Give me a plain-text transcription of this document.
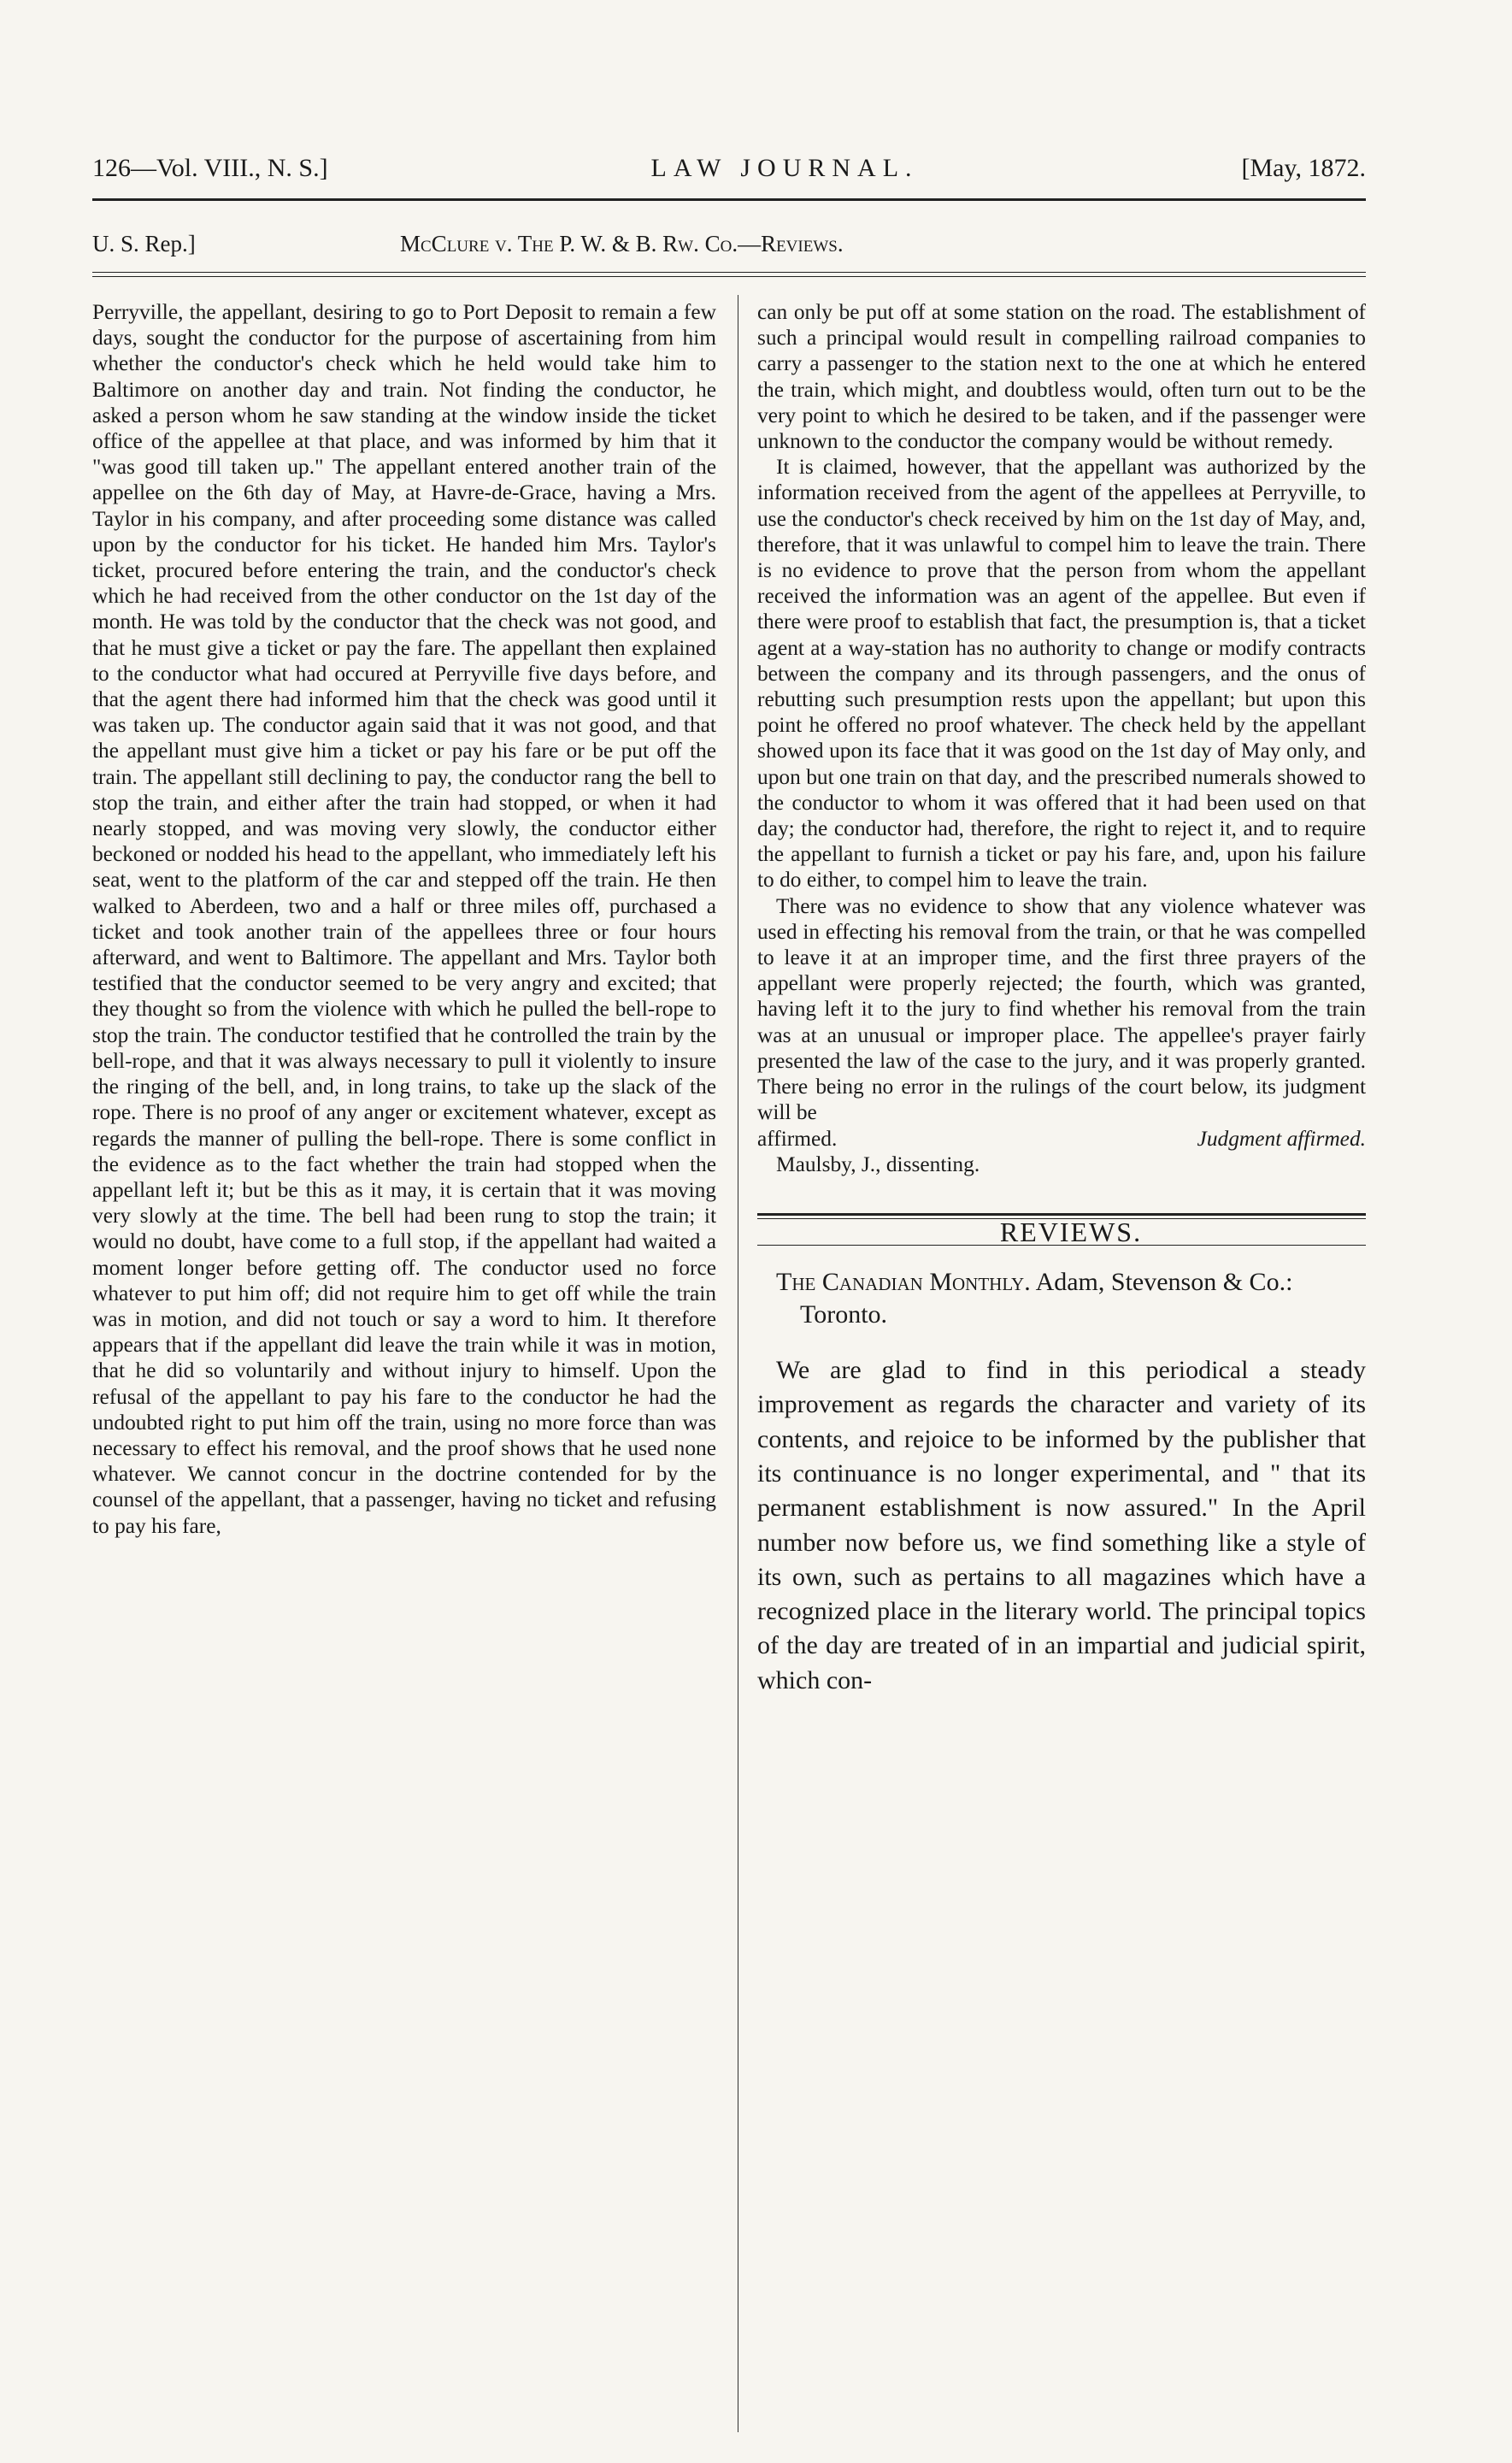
126—Vol. VIII., N. S.]	LAW JOURNAL.	[May, 1872.
U. S. Rep.]	McClure v. The P. W. & B. Rw. Co.—Reviews.

Perryville, the appellant, desiring to go to Port Deposit to remain a few days, sought the conductor for the purpose of ascertaining from him whether the conductor's check which he held would take him to Baltimore on another day and train. Not finding the conductor, he asked a person whom he saw standing at the window inside the ticket office of the appellee at that place, and was informed by him that it "was good till taken up." The appellant entered another train of the appellee on the 6th day of May, at Havre-de-Grace, having a Mrs. Taylor in his company, and after proceeding some distance was called upon by the conductor for his ticket. He handed him Mrs. Taylor's ticket, procured before entering the train, and the conductor's check which he had received from the other conductor on the 1st day of the month. He was told by the conductor that the check was not good, and that he must give a ticket or pay the fare. The appellant then explained to the conductor what had occured at Perryville five days before, and that the agent there had informed him that the check was good until it was taken up. The conductor again said that it was not good, and that the appellant must give him a ticket or pay his fare or be put off the train. The appellant still declining to pay, the conductor rang the bell to stop the train, and either after the train had stopped, or when it had nearly stopped, and was moving very slowly, the conductor either beckoned or nodded his head to the appellant, who immediately left his seat, went to the platform of the car and stepped off the train. He then walked to Aberdeen, two and a half or three miles off, purchased a ticket and took another train of the appellees three or four hours afterward, and went to Baltimore. The appellant and Mrs. Taylor both testified that the conductor seemed to be very angry and excited; that they thought so from the violence with which he pulled the bell-rope to stop the train. The conductor testified that he controlled the train by the bell-rope, and that it was always necessary to pull it violently to insure the ringing of the bell, and, in long trains, to take up the slack of the rope. There is no proof of any anger or excitement whatever, except as regards the manner of pulling the bell-rope. There is some conflict in the evidence as to the fact whether the train had stopped when the appellant left it; but be this as it may, it is certain that it was moving very slowly at the time. The bell had been rung to stop the train; it would no doubt, have come to a full stop, if the appellant had waited a moment longer before getting off. The conductor used no force whatever to put him off; did not require him to get off while the train was in motion, and did not touch or say a word to him. It therefore appears that if the appellant did leave the train while it was in motion, that he did so voluntarily and without injury to himself. Upon the refusal of the appellant to pay his fare to the conductor he had the undoubted right to put him off the train, using no more force than was necessary to effect his removal, and the proof shows that he used none whatever. We cannot concur in the doctrine contended for by the counsel of the appellant, that a passenger, having no ticket and refusing to pay his fare,

can only be put off at some station on the road. The establishment of such a principal would result in compelling railroad companies to carry a passenger to the station next to the one at which he entered the train, which might, and doubtless would, often turn out to be the very point to which he desired to be taken, and if the passenger were unknown to the conductor the company would be without remedy.

It is claimed, however, that the appellant was authorized by the information received from the agent of the appellees at Perryville, to use the conductor's check received by him on the 1st day of May, and, therefore, that it was unlawful to compel him to leave the train. There is no evidence to prove that the person from whom the appellant received the information was an agent of the appellee. But even if there were proof to establish that fact, the presumption is, that a ticket agent at a way-station has no authority to change or modify contracts between the company and its through passengers, and the onus of rebutting such presumption rests upon the appellant; but upon this point he offered no proof whatever. The check held by the appellant showed upon its face that it was good on the 1st day of May only, and upon but one train on that day, and the prescribed numerals showed to the conductor to whom it was offered that it had been used on that day; the conductor had, therefore, the right to reject it, and to require the appellant to furnish a ticket or pay his fare, and, upon his failure to do either, to compel him to leave the train.

There was no evidence to show that any violence whatever was used in effecting his removal from the train, or that he was compelled to leave it at an improper time, and the first three prayers of the appellant were properly rejected; the fourth, which was granted, having left it to the jury to find whether his removal from the train was at an unusual or improper place. The appellee's prayer fairly presented the law of the case to the jury, and it was properly granted. There being no error in the rulings of the court below, its judgment will be

affirmed.	Judgment affirmed.

Maulsby, J., dissenting.

REVIEWS.

The Canadian Monthly. Adam, Stevenson & Co.:
Toronto.

We are glad to find in this periodical a steady improvement as regards the character and variety of its contents, and rejoice to be informed by the publisher that its continuance is no longer experimental, and " that its permanent establishment is now assured." In the April number now before us, we find something like a style of its own, such as pertains to all magazines which have a recognized place in the literary world. The principal topics of the day are treated of in an impartial and judicial spirit, which con-
